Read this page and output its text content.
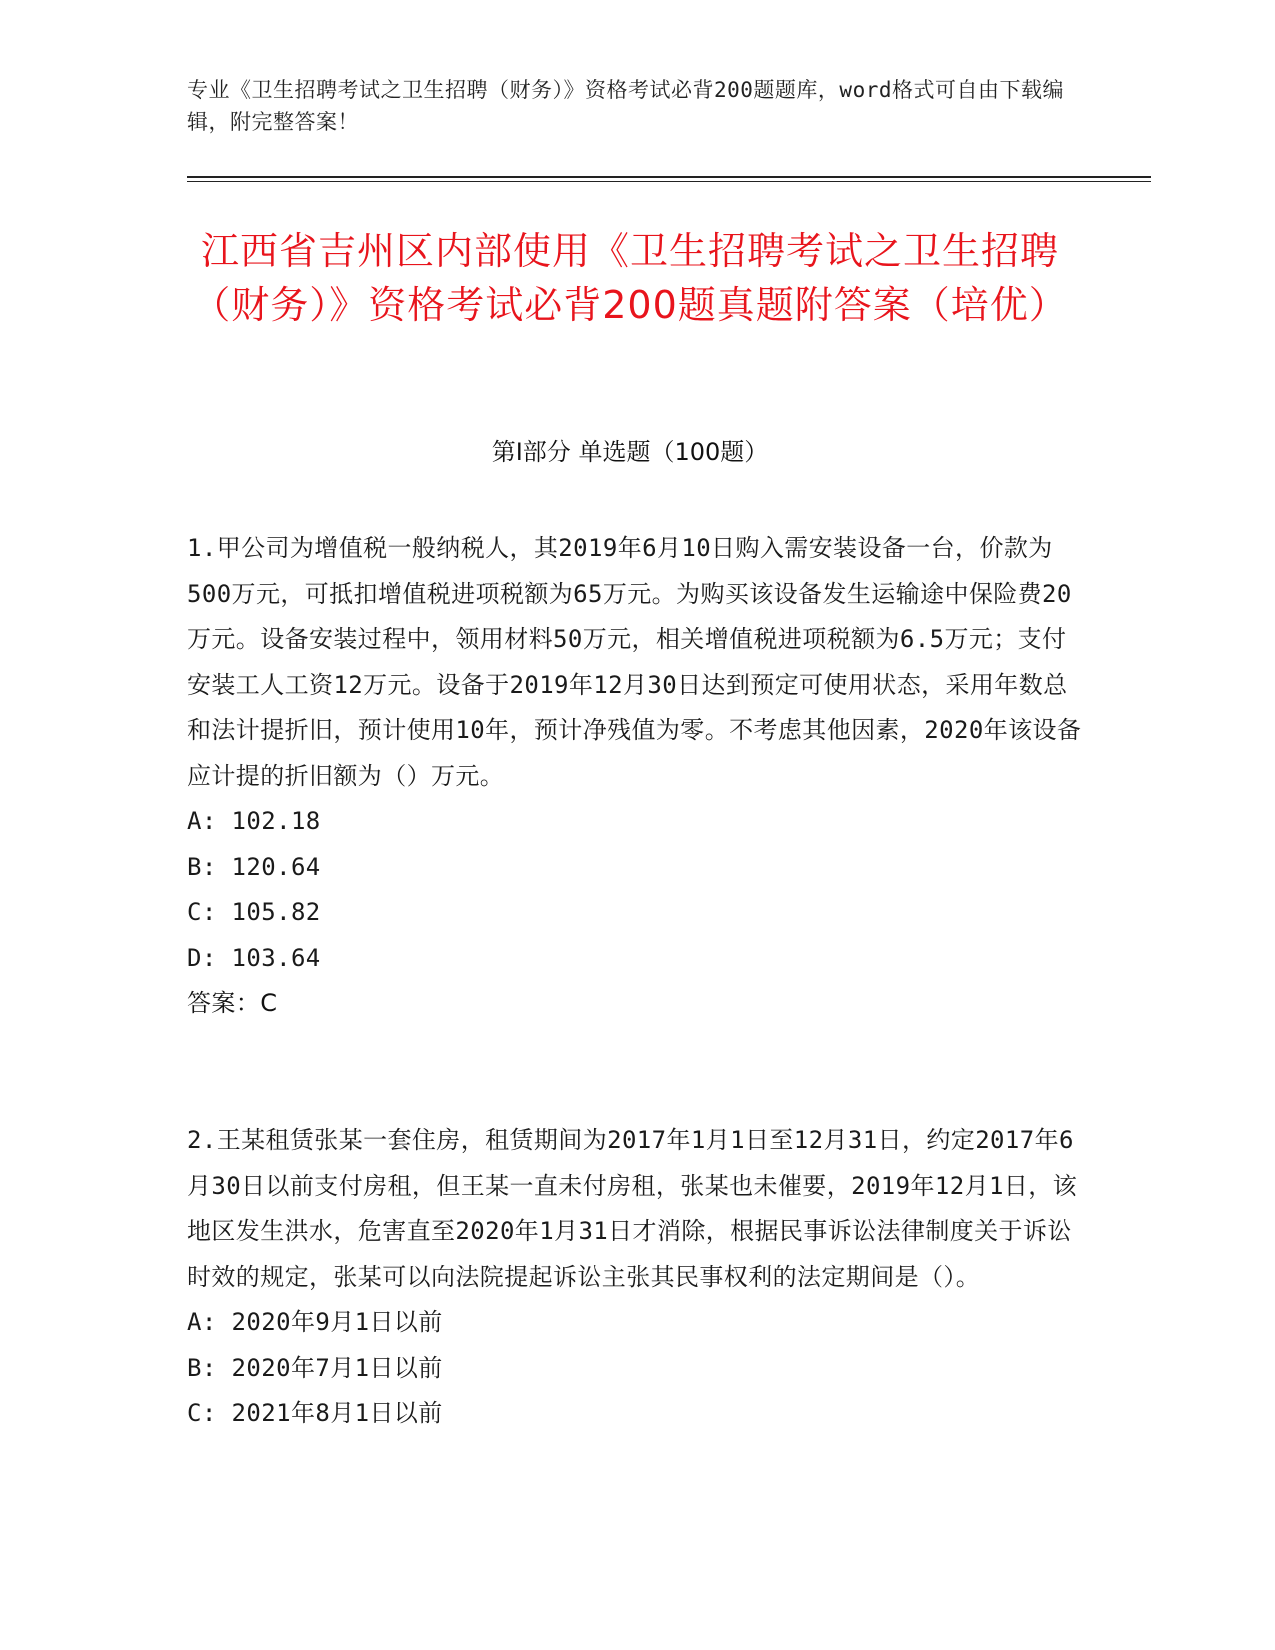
专业《卫生招聘考试之卫生招聘（财务）》资格考试必背200题题库，word格式可自由下载编辑，附完整答案！
江西省吉州区内部使用《卫生招聘考试之卫生招聘（财务）》资格考试必背200题真题附答案（培优）
第I部分 单选题（100题）

1.甲公司为增值税一般纳税人，其2019年6月10日购入需安装设备一台，价款为500万元，可抵扣增值税进项税额为65万元。为购买该设备发生运输途中保险费20万元。设备安装过程中，领用材料50万元，相关增值税进项税额为6.5万元；支付安装工人工资12万元。设备于2019年12月30日达到预定可使用状态，采用年数总和法计提折旧，预计使用10年，预计净残值为零。不考虑其他因素，2020年该设备应计提的折旧额为（）万元。

A: 102.18

B: 120.64

C: 105.82

D: 103.64

答案：C

2.王某租赁张某一套住房，租赁期间为2017年1月1日至12月31日，约定2017年6月30日以前支付房租，但王某一直未付房租，张某也未催要，2019年12月1日，该地区发生洪水，危害直至2020年1月31日才消除，根据民事诉讼法律制度关于诉讼时效的规定，张某可以向法院提起诉讼主张其民事权利的法定期间是（）。

A: 2020年9月1日以前

B: 2020年7月1日以前

C: 2021年8月1日以前
